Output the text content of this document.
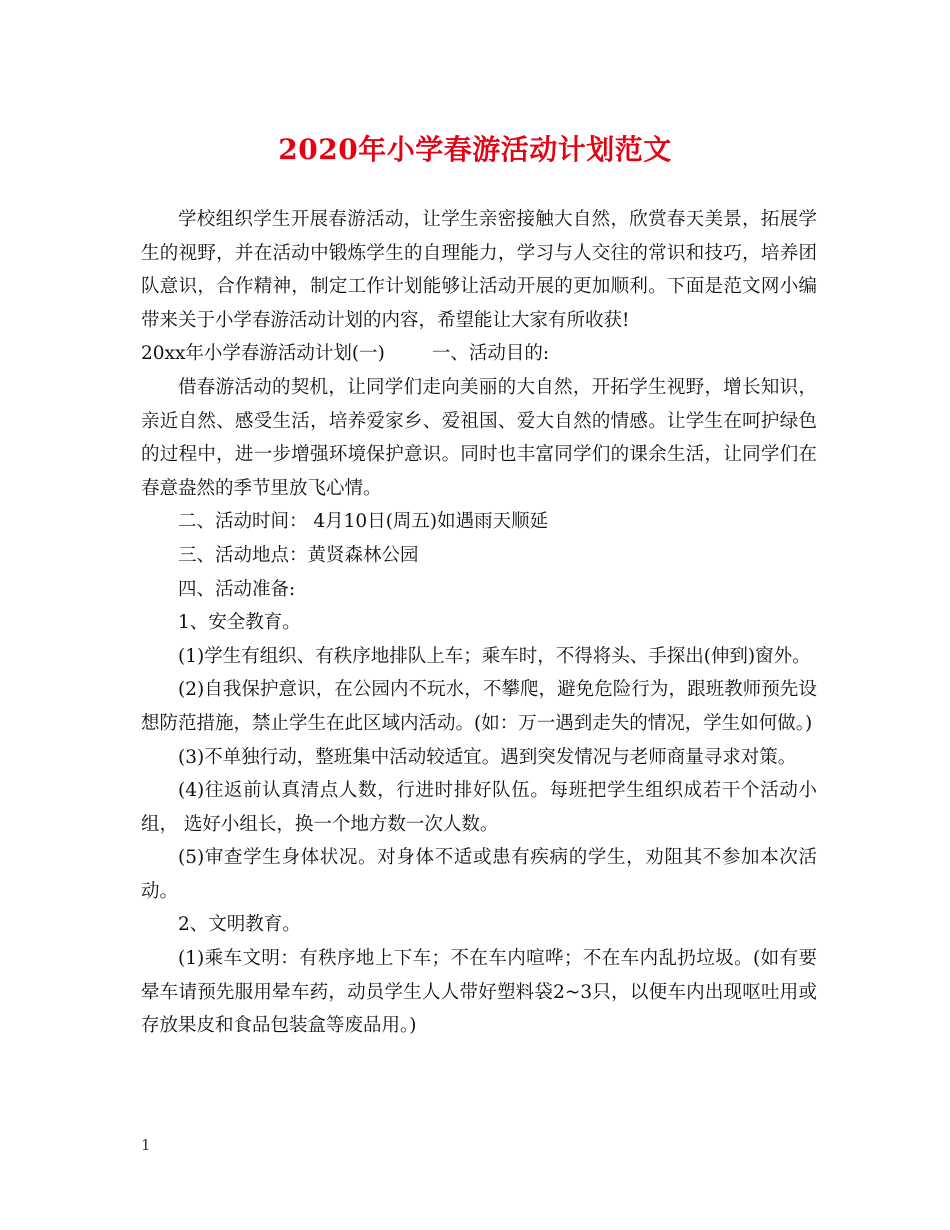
2020年小学春游活动计划范文

学校组织学生开展春游活动，让学生亲密接触大自然，欣赏春天美景，拓展学生的视野，并在活动中锻炼学生的自理能力，学习与人交往的常识和技巧，培养团队意识，合作精神，制定工作计划能够让活动开展的更加顺利。下面是范文网小编带来关于小学春游活动计划的内容，希望能让大家有所收获!

20xx年小学春游活动计划(一)	一、活动目的:

借春游活动的契机，让同学们走向美丽的大自然，开拓学生视野，增长知识，亲近自然、感受生活，培养爱家乡、爱祖国、爱大自然的情感。让学生在呵护绿色的过程中，进一步增强环境保护意识。同时也丰富同学们的课余生活，让同学们在春意盎然的季节里放飞心情。

二、活动时间： 4月10日(周五)如遇雨天顺延

三、活动地点：黄贤森林公园

四、活动准备:

1、安全教育。

(1)学生有组织、有秩序地排队上车；乘车时，不得将头、手探出(伸到)窗外。

(2)自我保护意识，在公园内不玩水，不攀爬，避免危险行为，跟班教师预先设想防范措施，禁止学生在此区域内活动。(如：万一遇到走失的情况，学生如何做。)

(3)不单独行动，整班集中活动较适宜。遇到突发情况与老师商量寻求对策。

(4)往返前认真清点人数，行进时排好队伍。每班把学生组织成若干个活动小组， 选好小组长，换一个地方数一次人数。

(5)审查学生身体状况。对身体不适或患有疾病的学生，劝阻其不参加本次活动。

2、文明教育。

(1)乘车文明：有秩序地上下车；不在车内喧哗；不在车内乱扔垃圾。(如有要晕车请预先服用晕车药，动员学生人人带好塑料袋2~3只，以便车内出现呕吐用或存放果皮和食品包装盒等废品用。)

1
